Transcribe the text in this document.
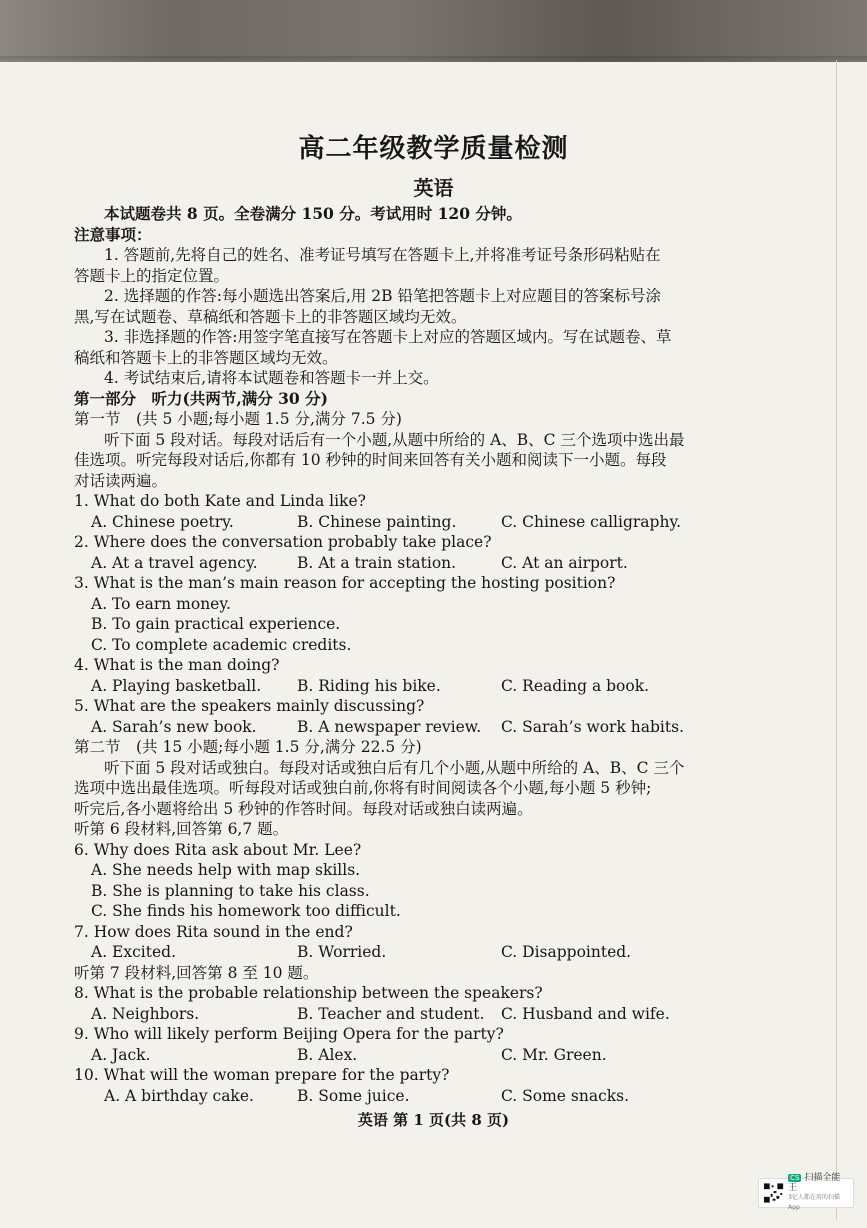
高二年级教学质量检测
英语
本试题卷共 8 页。全卷满分 150 分。考试用时 120 分钟。
注意事项：
1. 答题前,先将自己的姓名、准考证号填写在答题卡上,并将准考证号条形码粘贴在
答题卡上的指定位置。
2. 选择题的作答:每小题选出答案后,用 2B 铅笔把答题卡上对应题目的答案标号涂
黑,写在试题卷、草稿纸和答题卡上的非答题区域均无效。
3. 非选择题的作答:用签字笔直接写在答题卡上对应的答题区域内。写在试题卷、草
稿纸和答题卡上的非答题区域均无效。
4. 考试结束后,请将本试题卷和答题卡一并上交。
第一部分　听力(共两节,满分 30 分)
第一节　(共 5 小题;每小题 1.5 分,满分 7.5 分)
听下面 5 段对话。每段对话后有一个小题,从题中所给的 A、B、C 三个选项中选出最
佳选项。听完每段对话后,你都有 10 秒钟的时间来回答有关小题和阅读下一小题。每段
对话读两遍。
1. What do both Kate and Linda like?
A. Chinese poetry.	B. Chinese painting.	C. Chinese calligraphy.
2. Where does the conversation probably take place?
A. At a travel agency.	B. At a train station.	C. At an airport.
3. What is the man’s main reason for accepting the hosting position?
A. To earn money.
B. To gain practical experience.
C. To complete academic credits.
4. What is the man doing?
A. Playing basketball.	B. Riding his bike.	C. Reading a book.
5. What are the speakers mainly discussing?
A. Sarah’s new book.	B. A newspaper review.	C. Sarah’s work habits.
第二节　(共 15 小题;每小题 1.5 分,满分 22.5 分)
听下面 5 段对话或独白。每段对话或独白后有几个小题,从题中所给的 A、B、C 三个
选项中选出最佳选项。听每段对话或独白前,你将有时间阅读各个小题,每小题 5 秒钟;
听完后,各小题将给出 5 秒钟的作答时间。每段对话或独白读两遍。
听第 6 段材料,回答第 6,7 题。
6. Why does Rita ask about Mr. Lee?
A. She needs help with map skills.
B. She is planning to take his class.
C. She finds his homework too difficult.
7. How does Rita sound in the end?
A. Excited.	B. Worried.	C. Disappointed.
听第 7 段材料,回答第 8 至 10 题。
8. What is the probable relationship between the speakers?
A. Neighbors.	B. Teacher and student.	C. Husband and wife.
9. Who will likely perform Beijing Opera for the party?
A. Jack.	B. Alex.	C. Mr. Green.
10. What will the woman prepare for the party?
A. A birthday cake.	B. Some juice.	C. Some snacks.
英语 第 1 页(共 8 页)
CS 扫描全能王
3亿人都在用的扫描App
